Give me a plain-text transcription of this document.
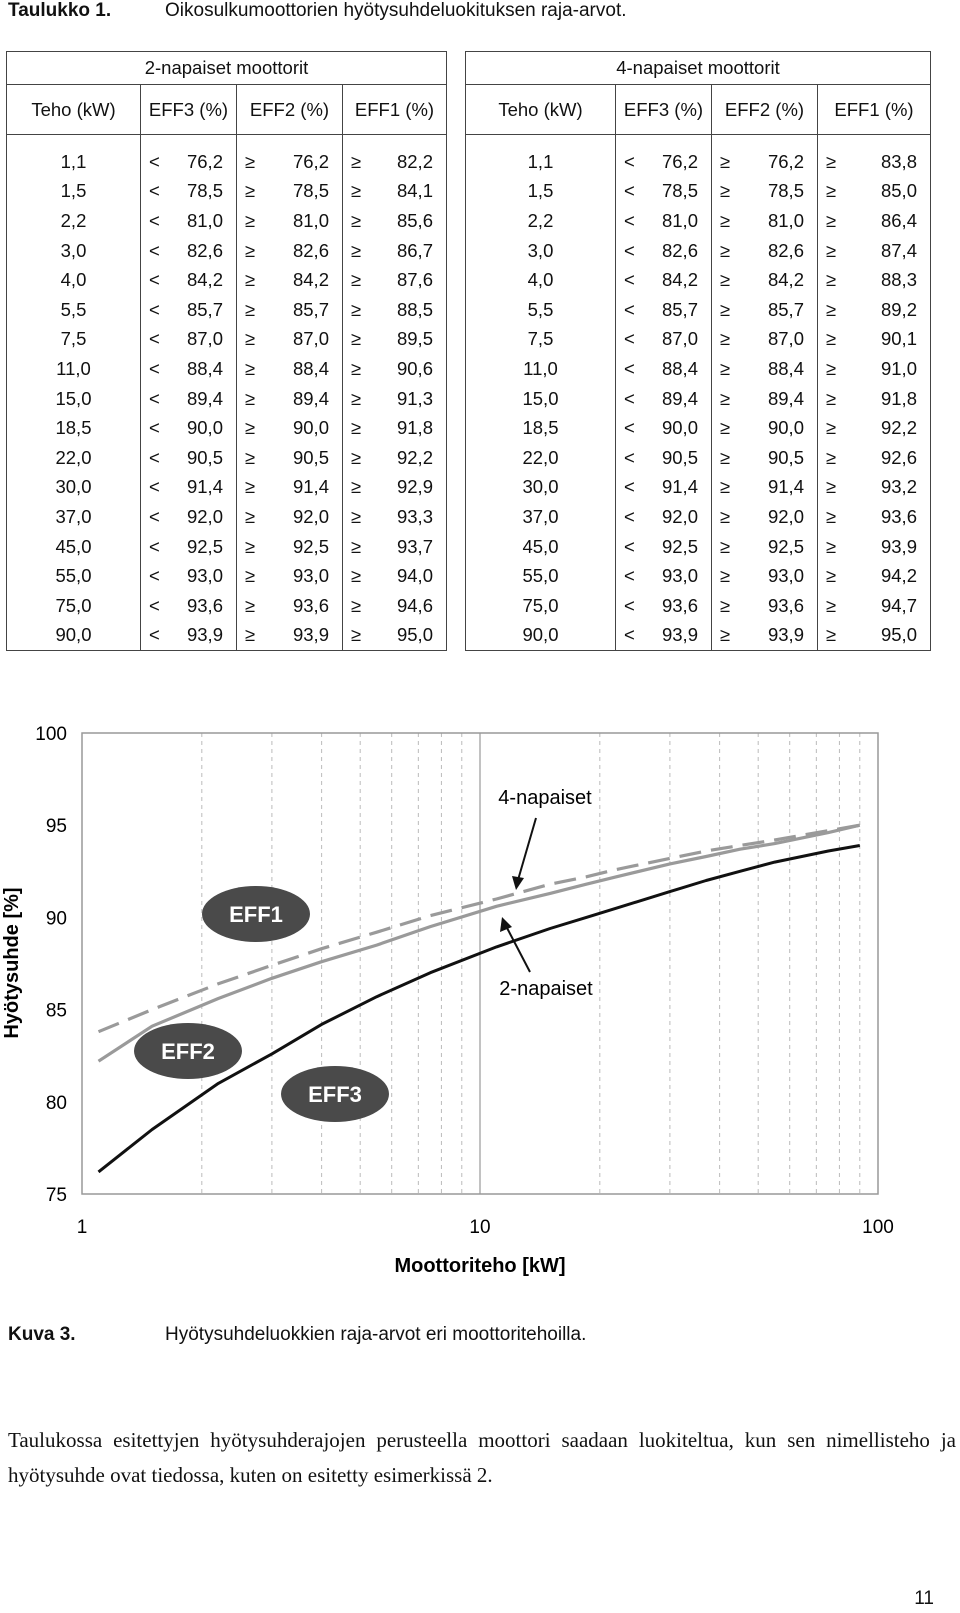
Taulukko 1.	Oikosulkumoottorien hyötysuhdeluokituksen raja-arvot.
2-napaiset moottorit			
Teho (kW)	EFF3 (%)	EFF2 (%)	EFF1 (%)

1,1	< 76,2	≥ 76,2	≥ 82,2

1,5	< 78,5	≥ 78,5	≥ 84,1

2,2	< 81,0	≥ 81,0	≥ 85,6

3,0	< 82,6	≥ 82,6	≥ 86,7

4,0	< 84,2	≥ 84,2	≥ 87,6

5,5	< 85,7	≥ 85,7	≥ 88,5

7,5	< 87,0	≥ 87,0	≥ 89,5

11,0	< 88,4	≥ 88,4	≥ 90,6

15,0	< 89,4	≥ 89,4	≥ 91,3

18,5	< 90,0	≥ 90,0	≥ 91,8

22,0	< 90,5	≥ 90,5	≥ 92,2

30,0	< 91,4	≥ 91,4	≥ 92,9

37,0	< 92,0	≥ 92,0	≥ 93,3

45,0	< 92,5	≥ 92,5	≥ 93,7

55,0	< 93,0	≥ 93,0	≥ 94,0

75,0	< 93,6	≥ 93,6	≥ 94,6

90,0	< 93,9	≥ 93,9	≥ 95,0
4-napaiset moottorit			
Teho (kW)	EFF3 (%)	EFF2 (%)	EFF1 (%)

1,1	< 76,2	≥ 76,2	≥ 83,8

1,5	< 78,5	≥ 78,5	≥ 85,0

2,2	< 81,0	≥ 81,0	≥ 86,4

3,0	< 82,6	≥ 82,6	≥ 87,4

4,0	< 84,2	≥ 84,2	≥ 88,3

5,5	< 85,7	≥ 85,7	≥ 89,2

7,5	< 87,0	≥ 87,0	≥ 90,1

11,0	< 88,4	≥ 88,4	≥ 91,0

15,0	< 89,4	≥ 89,4	≥ 91,8

18,5	< 90,0	≥ 90,0	≥ 92,2

22,0	< 90,5	≥ 90,5	≥ 92,6

30,0	< 91,4	≥ 91,4	≥ 93,2

37,0	< 92,0	≥ 92,0	≥ 93,6

45,0	< 92,5	≥ 92,5	≥ 93,9

55,0	< 93,0	≥ 93,0	≥ 94,2

75,0	< 93,6	≥ 93,6	≥ 94,7

90,0	< 93,9	≥ 93,9	≥ 95,0
75
80
85
90
95
100
1	10	100
Moottoriteho [kW]
Hyötysuhde [%]
4-napaiset
2-napaiset
EFF1
EFF2
EFF3
Kuva 3.	Hyötysuhdeluokkien raja-arvot eri moottoritehoilla.
Taulukossa esitettyjen hyötysuhderajojen perusteella moottori saadaan luokiteltua, kun sen nimellisteho ja hyötysuhde ovat tiedossa, kuten on esitetty esimerkissä 2.
11
